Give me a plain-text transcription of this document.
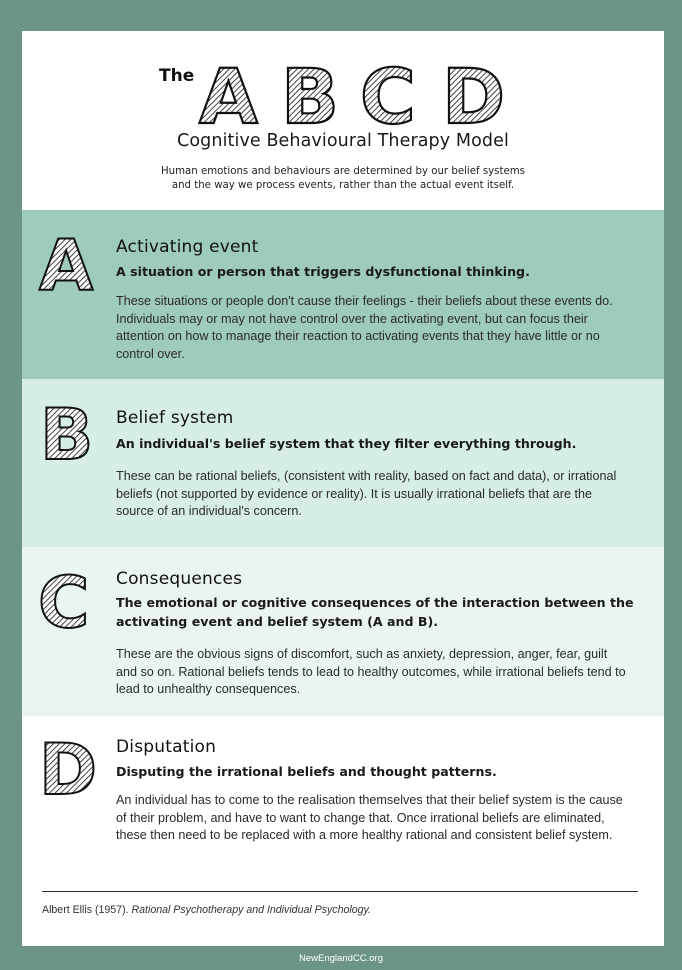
The A B C D
Cognitive Behavioural Therapy Model
Human emotions and behaviours are determined by our belief systems
and the way we process events, rather than the actual event itself.
A Activating event
A situation or person that triggers dysfunctional thinking.
These situations or people don't cause their feelings - their beliefs about these events do. Individuals may or may not have control over the activating event, but can focus their attention on how to manage their reaction to activating events that they have little or no control over.
B Belief system
An individual's belief system that they filter everything through.
These can be rational beliefs, (consistent with reality, based on fact and data), or irrational beliefs (not supported by evidence or reality). It is usually irrational beliefs that are the source of an individual's concern.
C Consequences
The emotional or cognitive consequences of the interaction between the activating event and belief system (A and B).
These are the obvious signs of discomfort, such as anxiety, depression, anger, fear, guilt and so on. Rational beliefs tends to lead to healthy outcomes, while irrational beliefs tend to lead to unhealthy consequences.
D Disputation
Disputing the irrational beliefs and thought patterns.
An individual has to come to the realisation themselves that their belief system is the cause of their problem, and have to want to change that. Once irrational beliefs are eliminated, these then need to be replaced with a more healthy rational and consistent belief system.
Albert Ellis (1957). Rational Psychotherapy and Individual Psychology.
NewEnglandCC.org
